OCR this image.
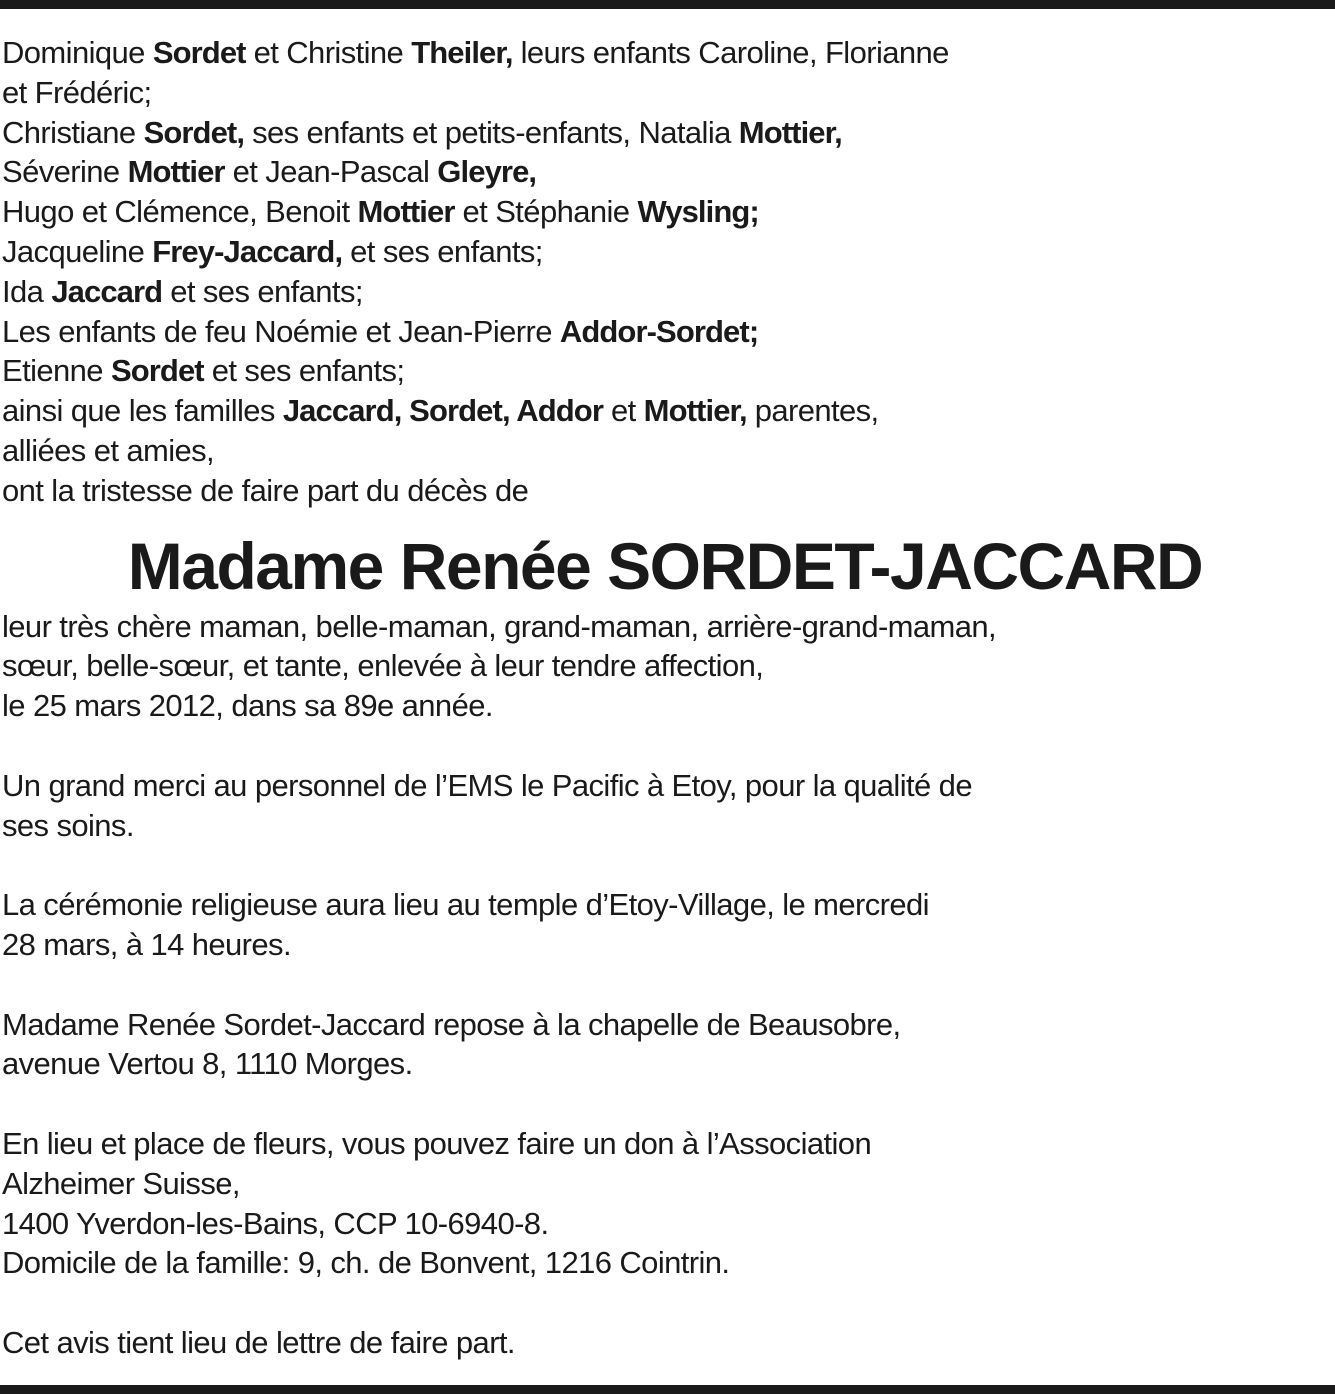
Dominique Sordet et Christine Theiler, leurs enfants Caroline, Florianne
et Frédéric;
Christiane Sordet, ses enfants et petits-enfants, Natalia Mottier,
Séverine Mottier et Jean-Pascal Gleyre,
Hugo et Clémence, Benoit Mottier et Stéphanie Wysling;
Jacqueline Frey-Jaccard, et ses enfants;
Ida Jaccard et ses enfants;
Les enfants de feu Noémie et Jean-Pierre Addor-Sordet;
Etienne Sordet et ses enfants;
ainsi que les familles Jaccard, Sordet, Addor et Mottier, parentes,
alliées et amies,
ont la tristesse de faire part du décès de
Madame Renée SORDET-JACCARD
leur très chère maman, belle-maman, grand-maman, arrière-grand-maman,
sœur, belle-sœur, et tante, enlevée à leur tendre affection,
le 25 mars 2012, dans sa 89e année.
Un grand merci au personnel de l’EMS le Pacific à Etoy, pour la qualité de
ses soins.
La cérémonie religieuse aura lieu au temple d’Etoy-Village, le mercredi
28 mars, à 14 heures.
Madame Renée Sordet-Jaccard repose à la chapelle de Beausobre,
avenue Vertou 8, 1110 Morges.
En lieu et place de fleurs, vous pouvez faire un don à l’Association
Alzheimer Suisse,
1400 Yverdon-les-Bains, CCP 10-6940-8.
Domicile de la famille: 9, ch. de Bonvent, 1216 Cointrin.
Cet avis tient lieu de lettre de faire part.
